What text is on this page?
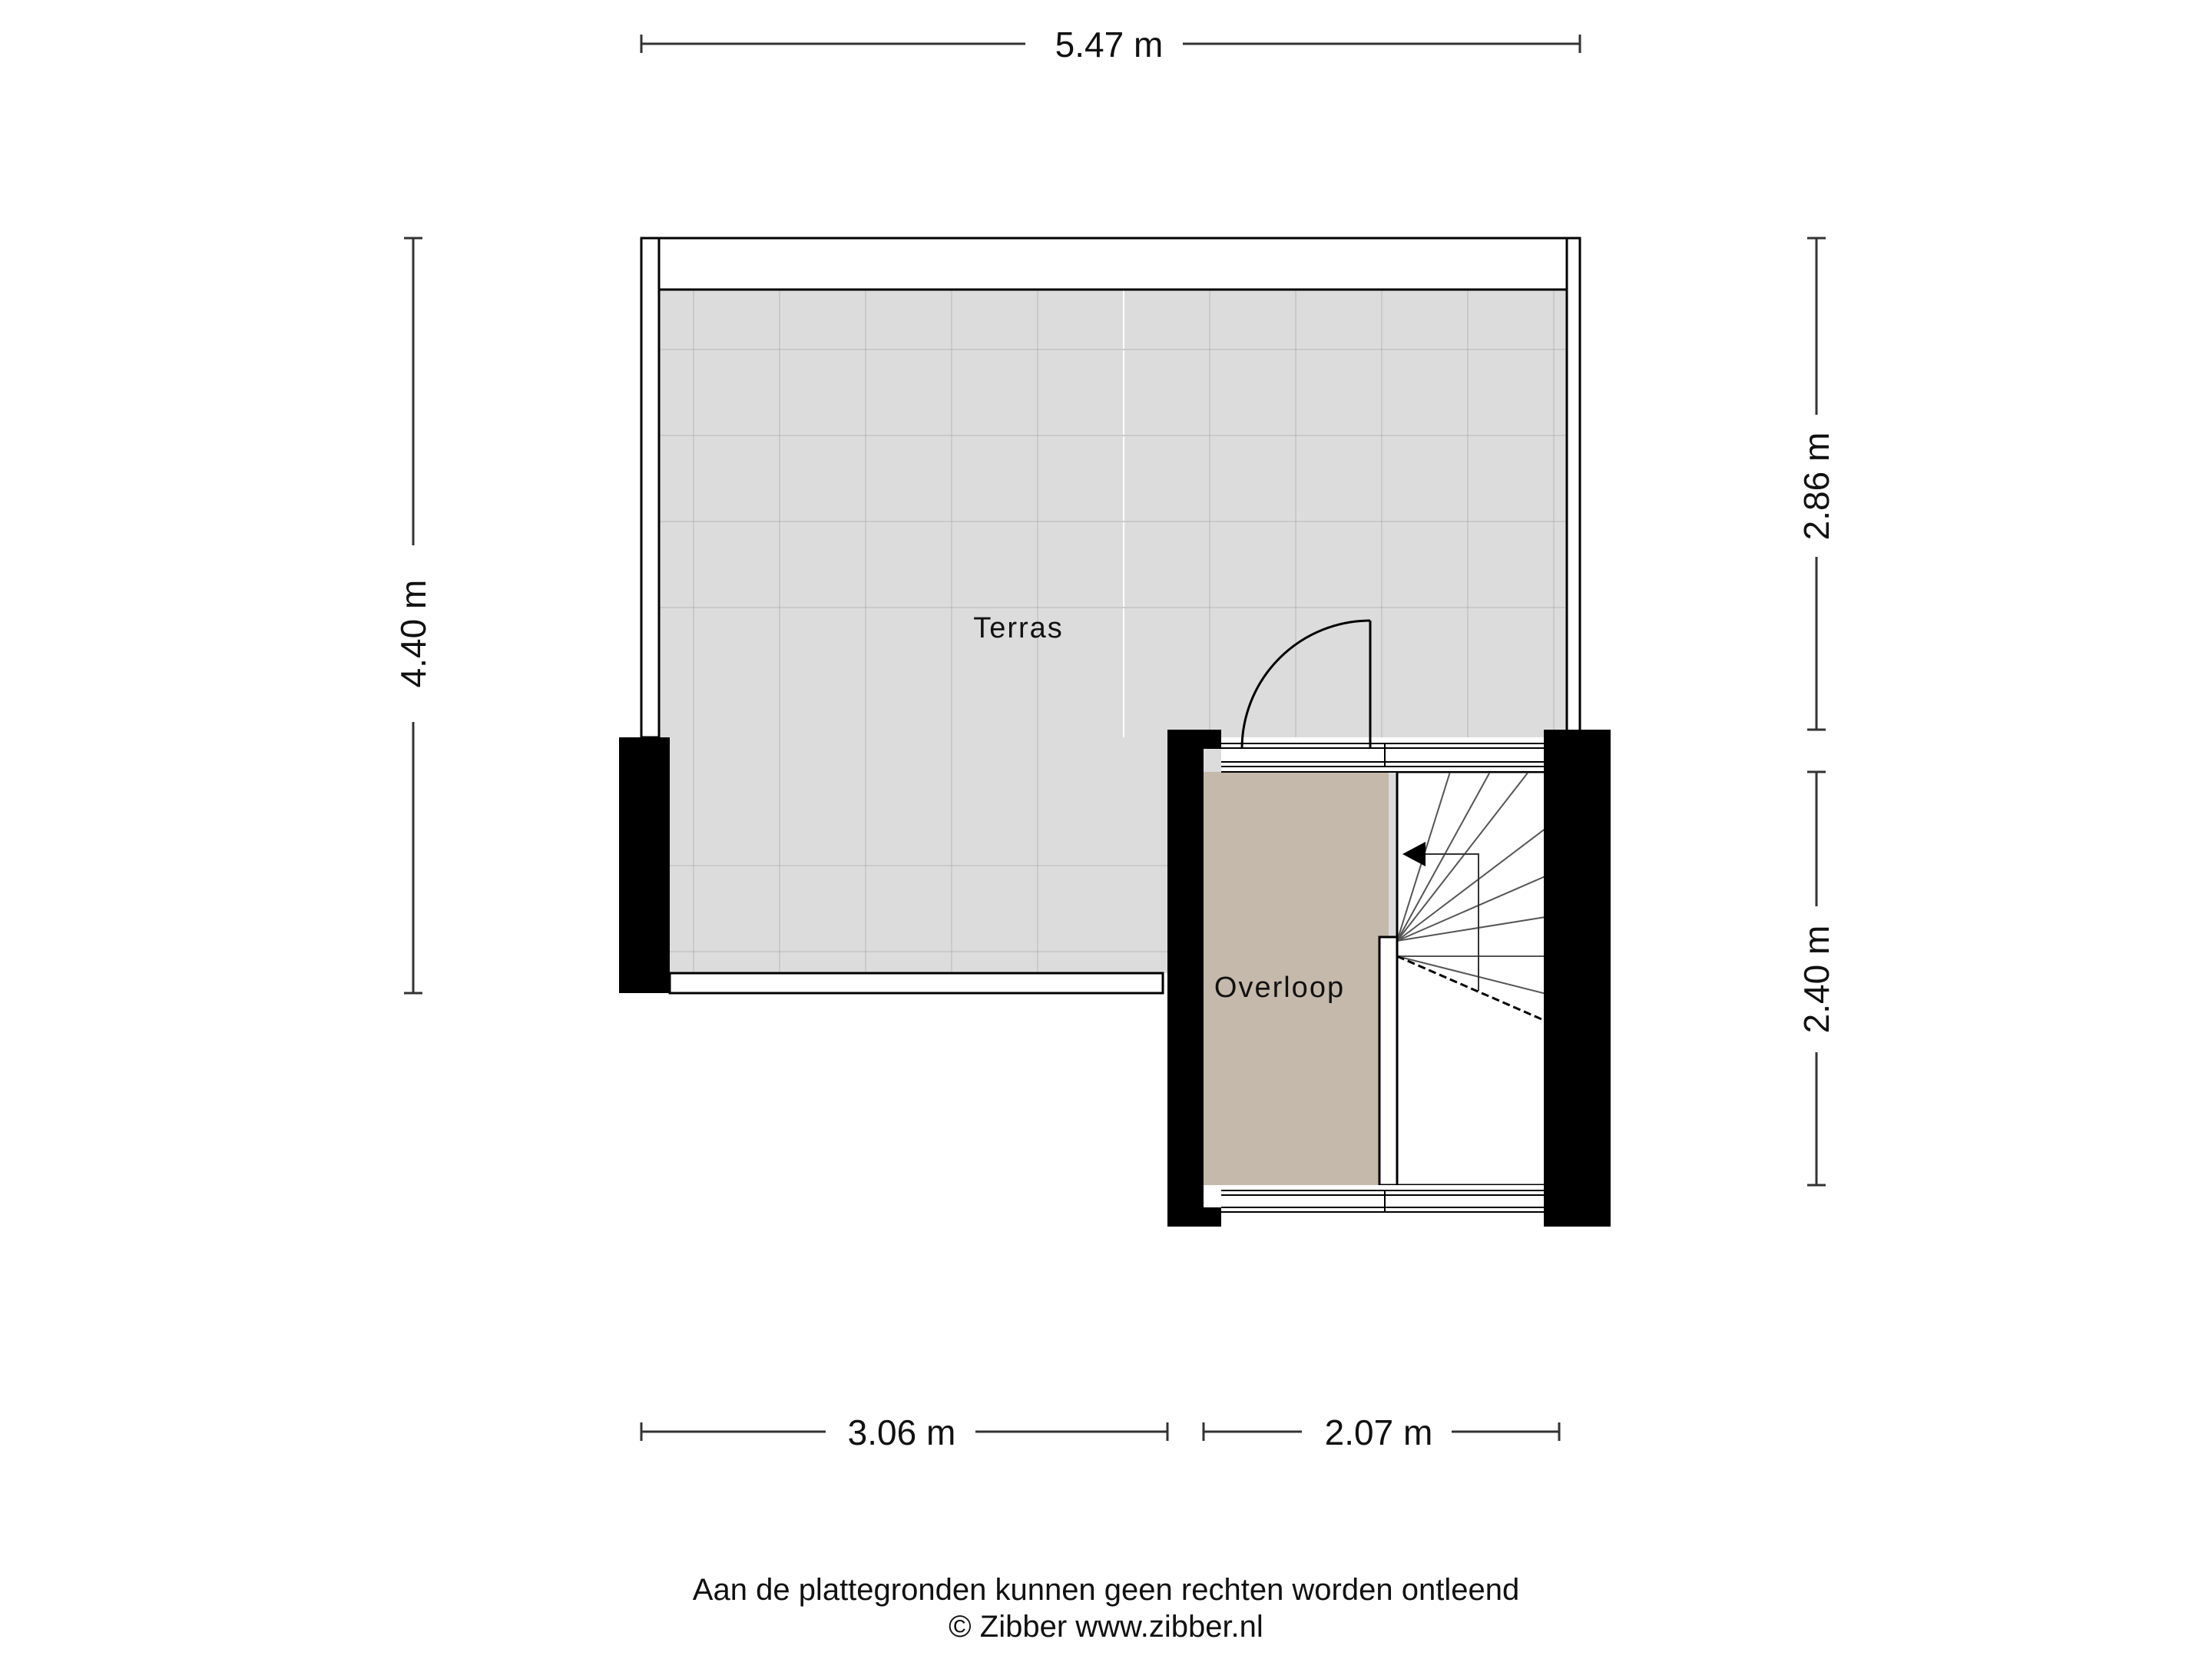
Terras
Overloop
5.47 m
4.40 m
2.86 m
2.40 m
3.06 m	2.07 m
Aan de plattegronden kunnen geen rechten worden ontleend
© Zibber www.zibber.nl
